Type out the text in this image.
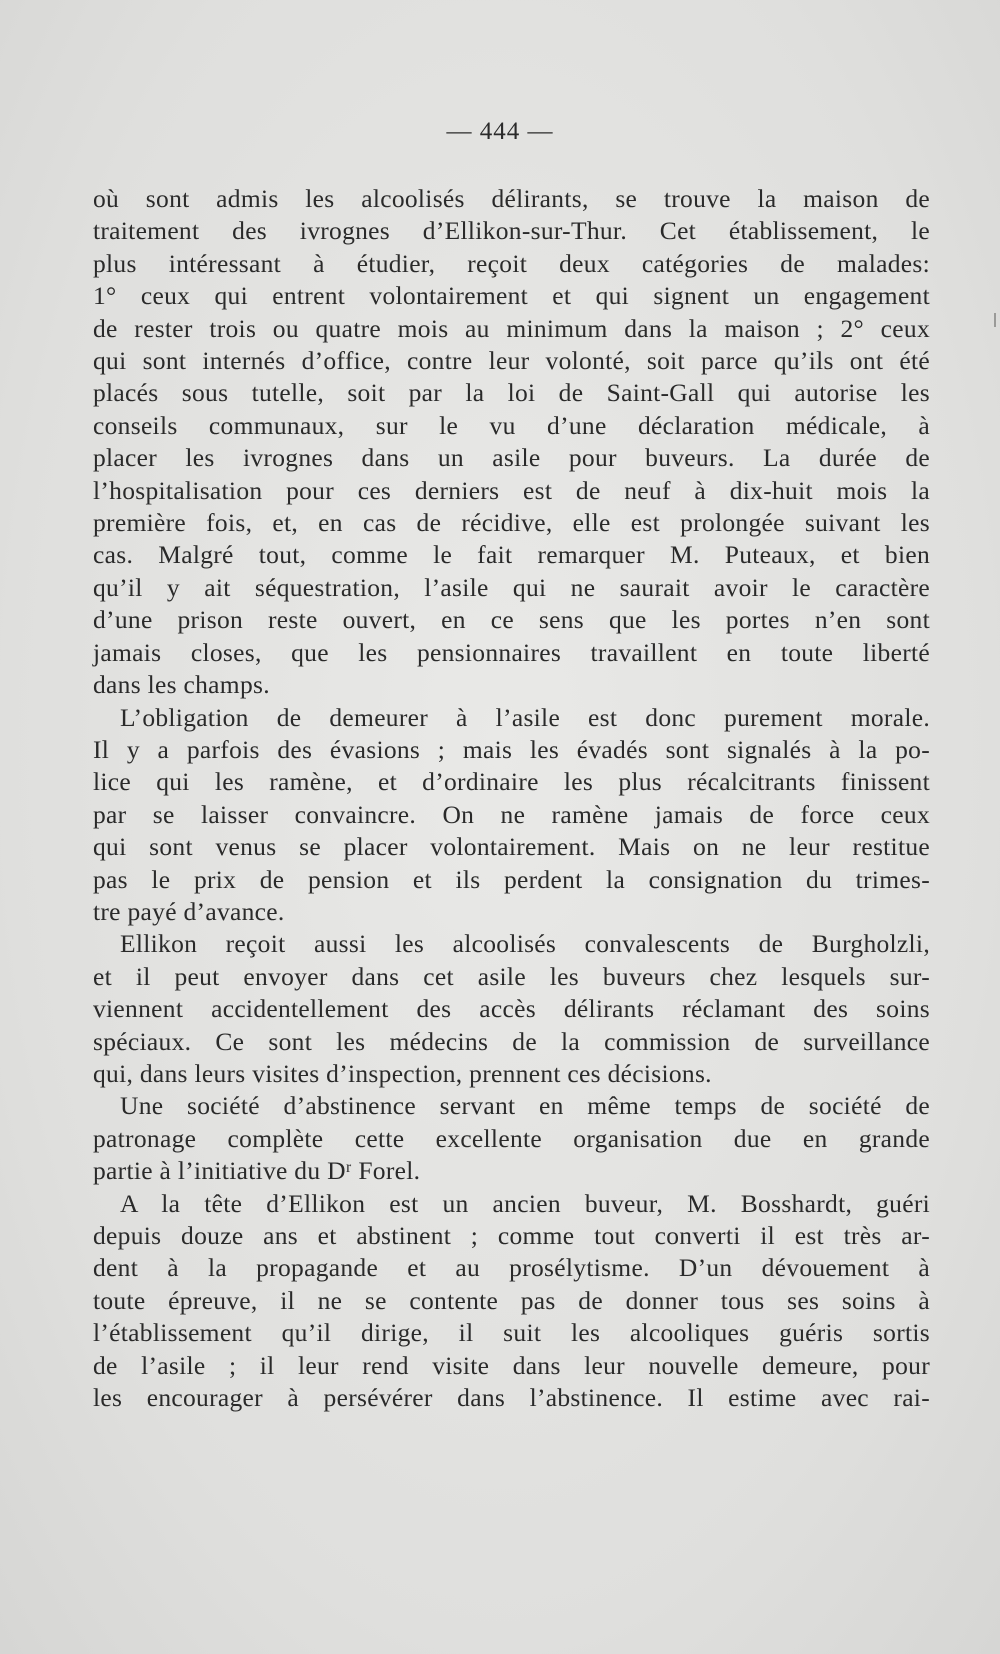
— 444 —

où sont admis les alcoolisés délirants, se trouve la maison de
traitement des ivrognes d’Ellikon-sur-Thur. Cet établissement, le
plus intéressant à étudier, reçoit deux catégories de malades:
1° ceux qui entrent volontairement et qui signent un engagement
de rester trois ou quatre mois au minimum dans la maison ; 2° ceux
qui sont internés d’office, contre leur volonté, soit parce qu’ils ont été
placés sous tutelle, soit par la loi de Saint-Gall qui autorise les
conseils communaux, sur le vu d’une déclaration médicale, à
placer les ivrognes dans un asile pour buveurs. La durée de
l’hospitalisation pour ces derniers est de neuf à dix-huit mois la
première fois, et, en cas de récidive, elle est prolongée suivant les
cas. Malgré tout, comme le fait remarquer M. Puteaux, et bien
qu’il y ait séquestration, l’asile qui ne saurait avoir le caractère
d’une prison reste ouvert, en ce sens que les portes n’en sont
jamais closes, que les pensionnaires travaillent en toute liberté
dans les champs.

L’obligation de demeurer à l’asile est donc purement morale.
Il y a parfois des évasions ; mais les évadés sont signalés à la po-
lice qui les ramène, et d’ordinaire les plus récalcitrants finissent
par se laisser convaincre. On ne ramène jamais de force ceux
qui sont venus se placer volontairement. Mais on ne leur restitue
pas le prix de pension et ils perdent la consignation du trimes-
tre payé d’avance.

Ellikon reçoit aussi les alcoolisés convalescents de Burgholzli,
et il peut envoyer dans cet asile les buveurs chez lesquels sur-
viennent accidentellement des accès délirants réclamant des soins
spéciaux. Ce sont les médecins de la commission de surveillance
qui, dans leurs visites d’inspection, prennent ces décisions.

Une société d’abstinence servant en même temps de société de
patronage complète cette excellente organisation due en grande
partie à l’initiative du Dʳ Forel.

A la tête d’Ellikon est un ancien buveur, M. Bosshardt, guéri
depuis douze ans et abstinent ; comme tout converti il est très ar-
dent à la propagande et au prosélytisme. D’un dévouement à
toute épreuve, il ne se contente pas de donner tous ses soins à
l’établissement qu’il dirige, il suit les alcooliques guéris sortis
de l’asile ; il leur rend visite dans leur nouvelle demeure, pour
les encourager à persévérer dans l’abstinence. Il estime avec rai-
